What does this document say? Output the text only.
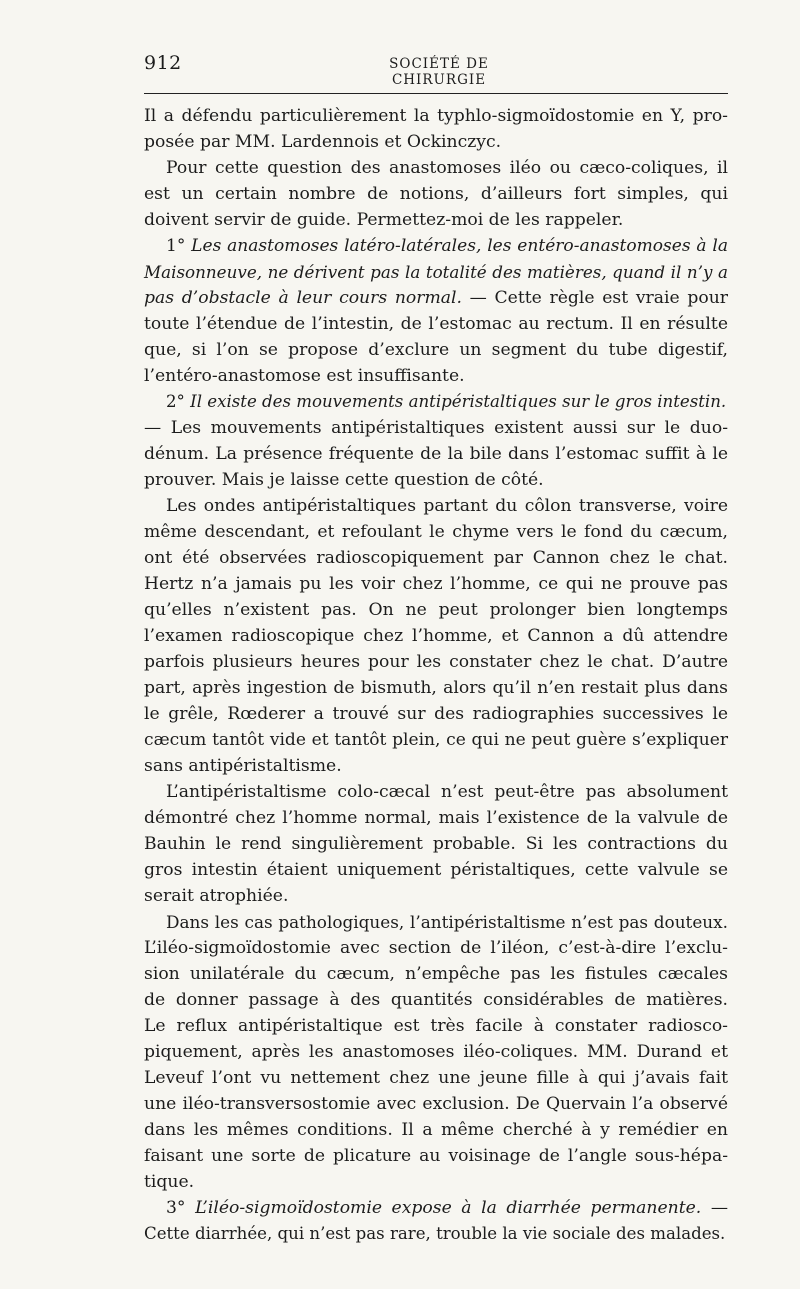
912	SOCIÉTÉ DE CHIRURGIE
Il a défendu particulièrement la typhlo-sigmoïdostomie en Y, pro-
posée par MM. Lardennois et Ockinczyc.
Pour cette question des anastomoses iléo ou cæco-coliques, il
est un certain nombre de notions, d’ailleurs fort simples, qui
doivent servir de guide. Permettez-moi de les rappeler.
1° Les anastomoses latéro-latérales, les entéro-anastomoses à la
Maisonneuve, ne dérivent pas la totalité des matières, quand il n’y a
pas d’obstacle à leur cours normal. — Cette règle est vraie pour
toute l’étendue de l’intestin, de l’estomac au rectum. Il en résulte
que, si l’on se propose d’exclure un segment du tube digestif,
l’entéro-anastomose est insuffisante.
2° Il existe des mouvements antipéristaltiques sur le gros intestin.
— Les mouvements antipéristaltiques existent aussi sur le duo-
dénum. La présence fréquente de la bile dans l’estomac suffit à le
prouver. Mais je laisse cette question de côté.
Les ondes antipéristaltiques partant du côlon transverse, voire
même descendant, et refoulant le chyme vers le fond du cæcum,
ont été observées radioscopiquement par Cannon chez le chat.
Hertz n’a jamais pu les voir chez l’homme, ce qui ne prouve pas
qu’elles n’existent pas. On ne peut prolonger bien longtemps
l’examen radioscopique chez l’homme, et Cannon a dû attendre
parfois plusieurs heures pour les constater chez le chat. D’autre
part, après ingestion de bismuth, alors qu’il n’en restait plus dans
le grêle, Rœderer a trouvé sur des radiographies successives le
cæcum tantôt vide et tantôt plein, ce qui ne peut guère s’expliquer
sans antipéristaltisme.
L’antipéristaltisme colo-cæcal n’est peut-être pas absolument
démontré chez l’homme normal, mais l’existence de la valvule de
Bauhin le rend singulièrement probable. Si les contractions du
gros intestin étaient uniquement péristaltiques, cette valvule se
serait atrophiée.
Dans les cas pathologiques, l’antipéristaltisme n’est pas douteux.
L’iléo-sigmoïdostomie avec section de l’iléon, c’est-à-dire l’exclu-
sion unilatérale du cæcum, n’empêche pas les fistules cæcales
de donner passage à des quantités considérables de matières.
Le reflux antipéristaltique est très facile à constater radiosco-
piquement, après les anastomoses iléo-coliques. MM. Durand et
Leveuf l’ont vu nettement chez une jeune fille à qui j’avais fait
une iléo-transversostomie avec exclusion. De Quervain l’a observé
dans les mêmes conditions. Il a même cherché à y remédier en
faisant une sorte de plicature au voisinage de l’angle sous-hépa-
tique.
3° L’iléo-sigmoïdostomie expose à la diarrhée permanente. —
Cette diarrhée, qui n’est pas rare, trouble la vie sociale des malades.
